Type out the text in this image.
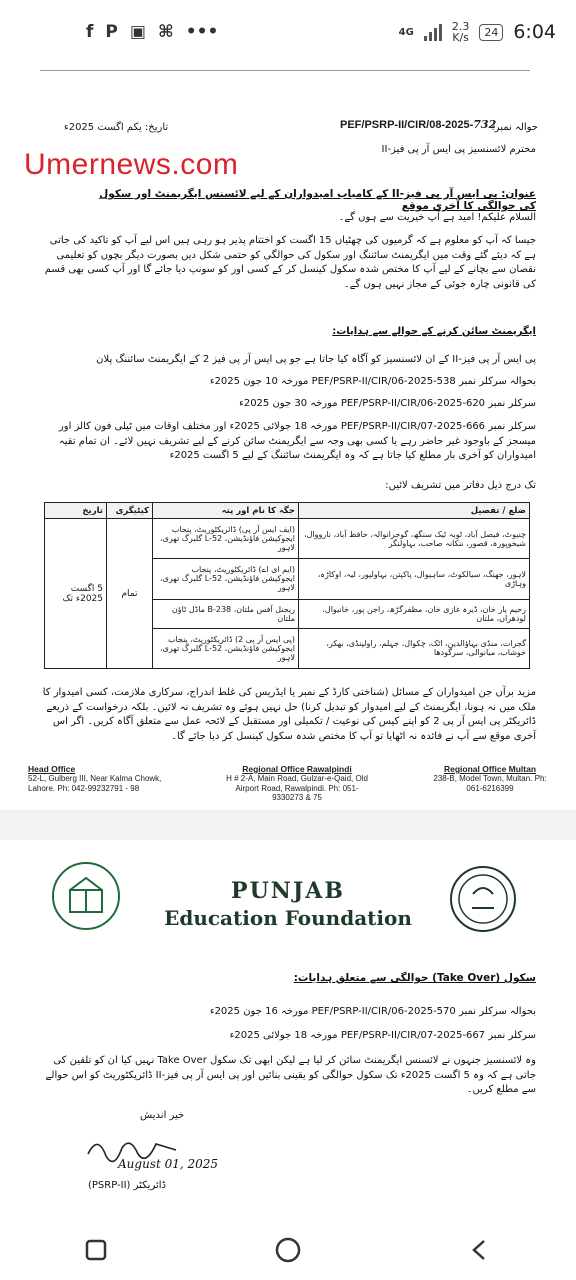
f P ▣ ⌘ •••	4G	2.3
K/s	24 6:04
PEF/PSRP-II/CIR/08-2025-732
حوالہ نمبر:
تاریخ: یکم اگست 2025ء
Umernews.com	محترم لائسنسیز پی ایس آر پی فیز-II
عنوان: پی ایس آر پی فیز-II کے کامیاب امیدواران کے لیے لائسنس ایگریمنٹ اور سکول کی حوالگی کا آخری موقع
السلام علیکم! امید ہے آپ خیریت سے ہوں گے۔
جیسا کہ آپ کو معلوم ہے کہ گرمیوں کی چھٹیاں 15 اگست کو اختتام پذیر ہو رہی ہیں اس لیے آپ کو تاکید کی جاتی ہے کہ دیئے گئے وقت میں ایگریمنٹ سائننگ اور سکول کی حوالگی کو حتمی شکل دیں بصورت دیگر بچوں کو تعلیمی نقصان سے بچانے کے لیے آپ کا مختص شدہ سکول کینسل کر کے کسی اور کو سونپ دیا جائے گا اور آپ کسی بھی قسم کی قانونی چارہ جوئی کے مجاز نہیں ہوں گے۔
ایگریمنٹ سائن کرنے کے حوالے سے ہدایات:
پی ایس آر پی فیز-II کے ان لائسنسیز کو آگاہ کیا جاتا ہے جو پی ایس آر پی فیز 2 کے ایگریمنٹ سائننگ پلان
بحوالہ سرکلر نمبر PEF/PSRP-II/CIR/06-2025-538 مورخہ 10 جون 2025ء
سرکلر نمبر PEF/PSRP-II/CIR/06-2025-620 مورخہ 30 جون 2025ء
سرکلر نمبر PEF/PSRP-II/CIR/07-2025-666 مورخہ 18 جولائی 2025ء اور مختلف اوقات میں ٹیلی فون کالز اور میسجز کے باوجود غیر حاضر رہے یا کسی بھی وجہ سے ایگریمنٹ سائن کرنے کے لیے تشریف نہیں لائے۔ ان تمام تقیہ امیدواران کو آخری بار مطلع کیا جاتا ہے کہ وہ ایگریمنٹ سائننگ کے لیے 5 اگست 2025ء
تک درج ذیل دفاتر میں تشریف لائیں:
تاریخ	کیٹیگری	جگہ کا نام اور پتہ	ضلع / تفصیل
5 اگست 2025ء تک	تمام	(ایف ایس آر پی) ڈائریکٹوریٹ، پنجاب ایجوکیشن فاؤنڈیشن، L-52 گلبرگ تھری، لاہور	چنیوٹ، فیصل آباد، ٹوبہ ٹیک سنگھ، گوجرانوالہ، حافظ آباد، نارووال، شیخوپورہ، قصور، ننکانہ صاحب، بہاولنگر
		(ایم ای اے) ڈائریکٹوریٹ، پنجاب ایجوکیشن فاؤنڈیشن، L-52 گلبرگ تھری، لاہور	لاہور، جھنگ، سیالکوٹ، ساہیوال، پاکپتن، بہاولپور، لیہ، اوکاڑہ، وہاڑی
		ریجنل آفس ملتان، 238-B ماڈل ٹاؤن ملتان	رحیم یار خان، ڈیرہ غازی خان، مظفرگڑھ، راجن پور، خانیوال، لودھراں، ملتان
		(پی ایس آر پی 2) ڈائریکٹوریٹ، پنجاب ایجوکیشن فاؤنڈیشن، L-52 گلبرگ تھری، لاہور	گجرات، منڈی بہاؤالدین، اٹک، چکوال، جہلم، راولپنڈی، بھکر، خوشاب، میانوالی، سرگودھا
مزید برآں جن امیدواران کے مسائل (شناختی کارڈ کے نمبر یا ایڈریس کی غلط اندراج، سرکاری ملازمت، کسی امیدوار کا ملک میں نہ ہونا، ایگریمنٹ کے لیے امیدوار کو تبدیل کرنا) حل نہیں ہوئے وہ تشریف نہ لائیں۔ بلکہ درخواست کے ذریعے ڈائریکٹر پی ایس آر پی 2 کو اپنے کیس کی نوعیت / تکمیلی اور مستقبل کے لائحہ عمل سے متعلق آگاہ کریں۔ اگر اس آخری موقع سے آپ نے فائدہ نہ اٹھایا تو آپ کا مختص شدہ سکول کینسل کر دیا جائے گا۔
Head Office
52-L, Gulberg III, Near Kalma Chowk, Lahore. Ph: 042-99232791 - 98
Regional Office Rawalpindi
H # 2-A, Main Road, Gulzar-e-Qaid, Old Airport Road, Rawalpindi. Ph: 051-9330273 & 75
Regional Office Multan
238-B, Model Town, Multan. Ph: 061-6216399
PUNJAB
Education Foundation
سکول (Take Over) حوالگی سے متعلق ہدایات:
بحوالہ سرکلر نمبر PEF/PSRP-II/CIR/06-2025-570 مورخہ 16 جون 2025ء
سرکلر نمبر PEF/PSRP-II/CIR/07-2025-667 مورخہ 18 جولائی 2025ء
وہ لائسنسیز جنہوں نے لائسنس ایگریمنٹ سائن کر لیا ہے لیکن ابھی تک سکول Take Over نہیں کیا ان کو تلقین کی جاتی ہے کہ وہ 5 اگست 2025ء تک سکول حوالگی کو یقینی بنائیں اور پی ایس آر پی فیز-II ڈائریکٹوریٹ کو اس حوالے سے مطلع کریں۔
خیر اندیش
August 01, 2025
(PSRP-II) ڈائریکٹر
